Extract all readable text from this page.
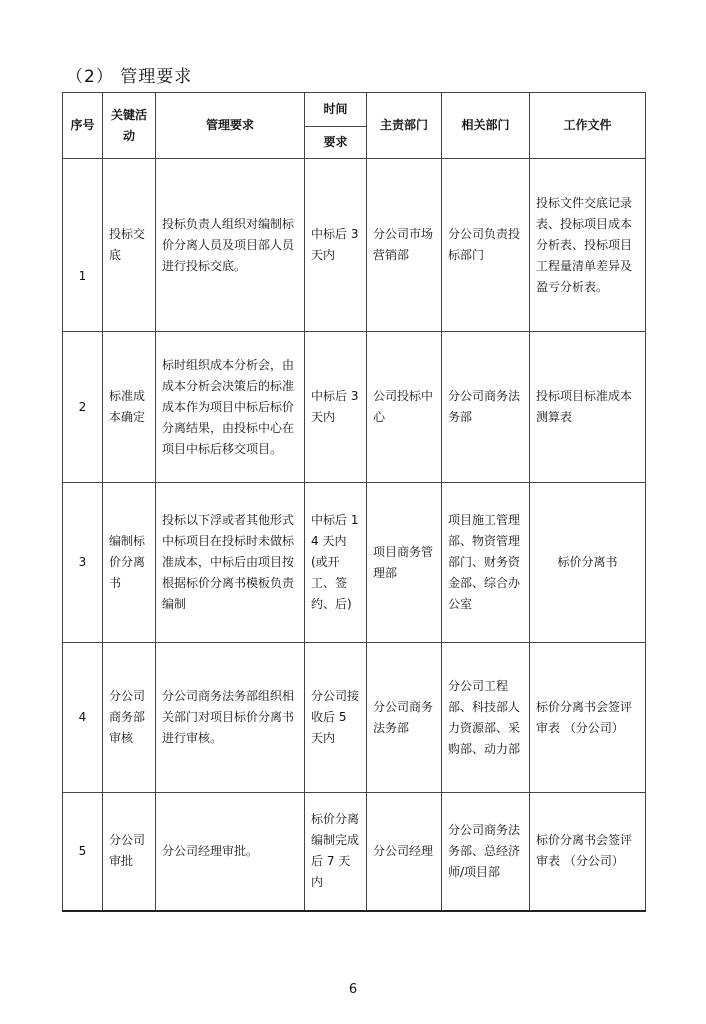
（2） 管理要求
序号	关键活动	管理要求	时间	主责部门	相关部门	工作文件
			要求			
1	投标交底	投标负责人组织对编制标价分离人员及项目部人员进行投标交底。	中标后 3 天内	分公司市场营销部	分公司负责投标部门	投标文件交底记录表、投标项目成本分析表、投标项目工程量清单差异及盈亏分析表。
2	标准成本确定	标时组织成本分析会，由成本分析会决策后的标准成本作为项目中标后标价分离结果，由投标中心在项目中标后移交项目。	中标后 3 天内	公司投标中心	分公司商务法务部	投标项目标准成本测算表
3	编制标价分离书	投标以下浮或者其他形式中标项目在投标时未做标准成本，中标后由项目按根据标价分离书模板负责编制	中标后 14 天内(或开工、签约、后)	项目商务管理部	项目施工管理部、物资管理部门、财务资金部、综合办公室	标价分离书
4	分公司商务部审核	分公司商务法务部组织相关部门对项目标价分离书进行审核。	分公司接收后 5 天内	分公司商务法务部	分公司工程部、科技部人力资源部、采购部、动力部	标价分离书会签评审表 （分公司）
5	分公司审批	分公司经理审批。	标价分离编制完成后 7 天内	分公司经理	分公司商务法务部、总经济师/项目部	标价分离书会签评审表 （分公司）
6
